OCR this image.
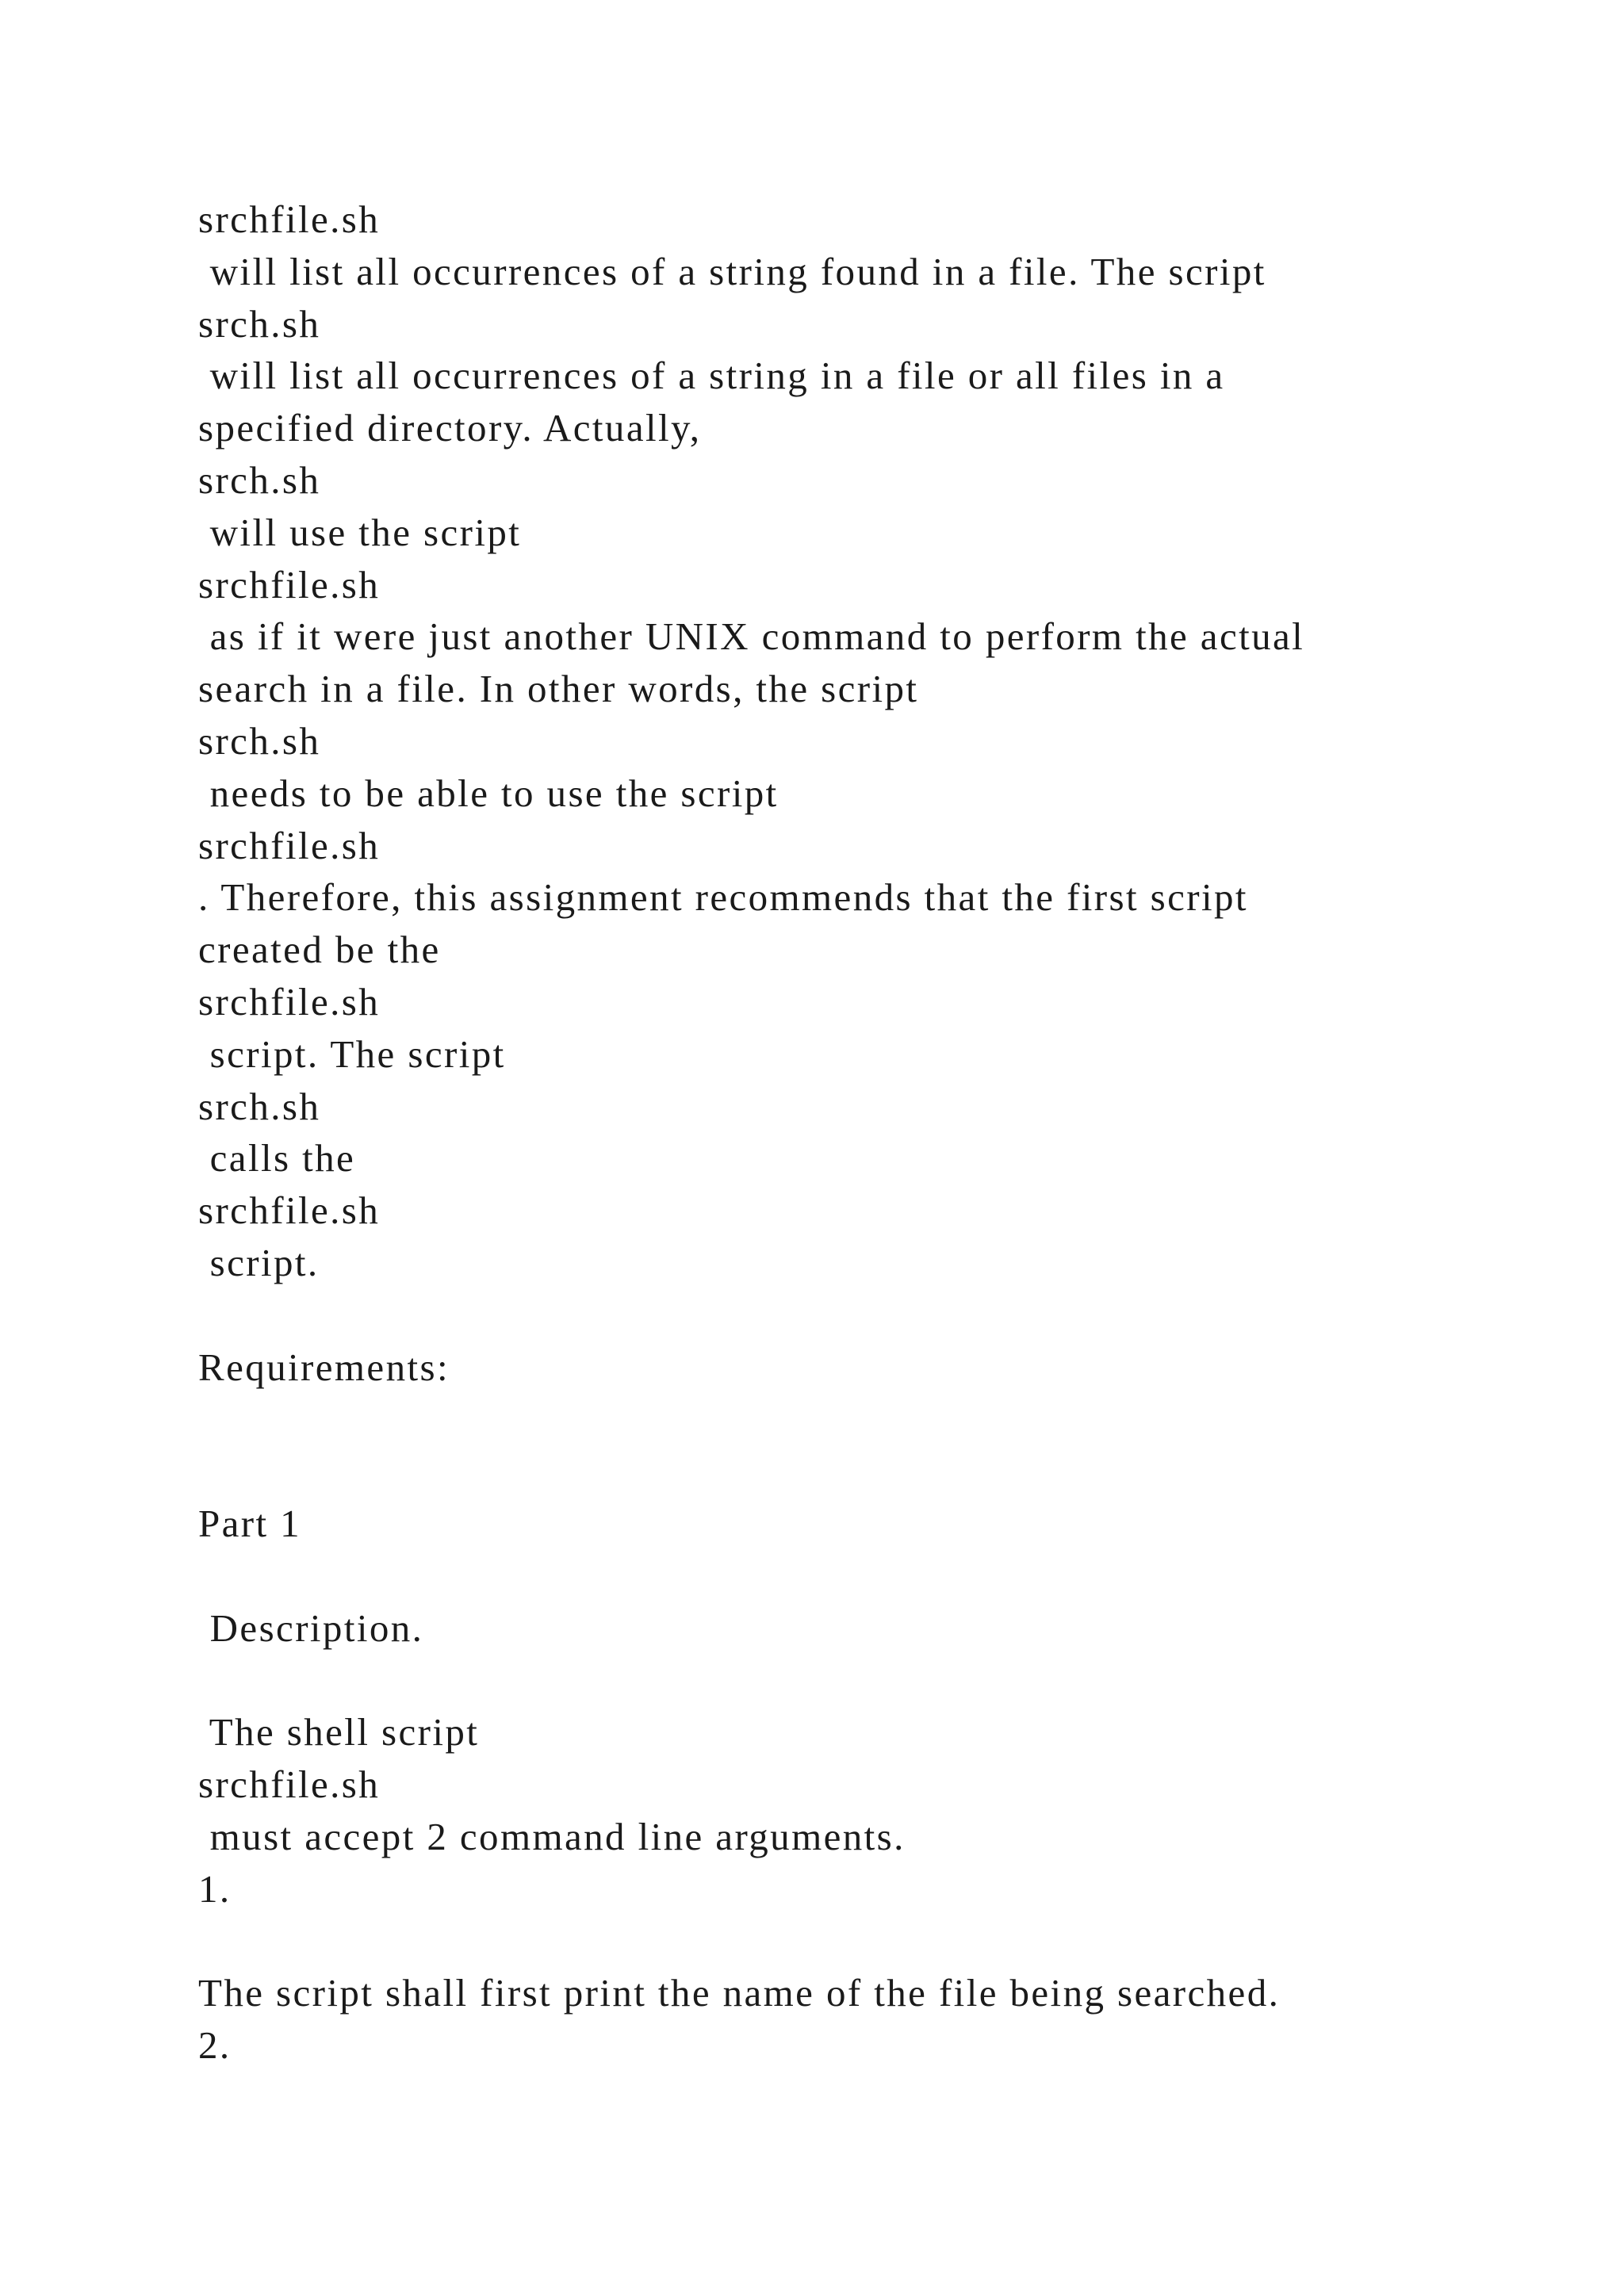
srchfile.sh
will list all occurrences of a string found in a file. The script
srch.sh
will list all occurrences of a string in a file or all files in a
specified directory. Actually,
srch.sh
will use the script
srchfile.sh
as if it were just another UNIX command to perform the actual
search in a file. In other words, the script
srch.sh
needs to be able to use the script
srchfile.sh
. Therefore, this assignment recommends that the first script
created be the
srchfile.sh
script. The script
srch.sh
calls the
srchfile.sh
script.
Requirements:
Part 1
Description.
The shell script
srchfile.sh
must accept 2 command line arguments.
1.
The script shall first print the name of the file being searched.
2.
